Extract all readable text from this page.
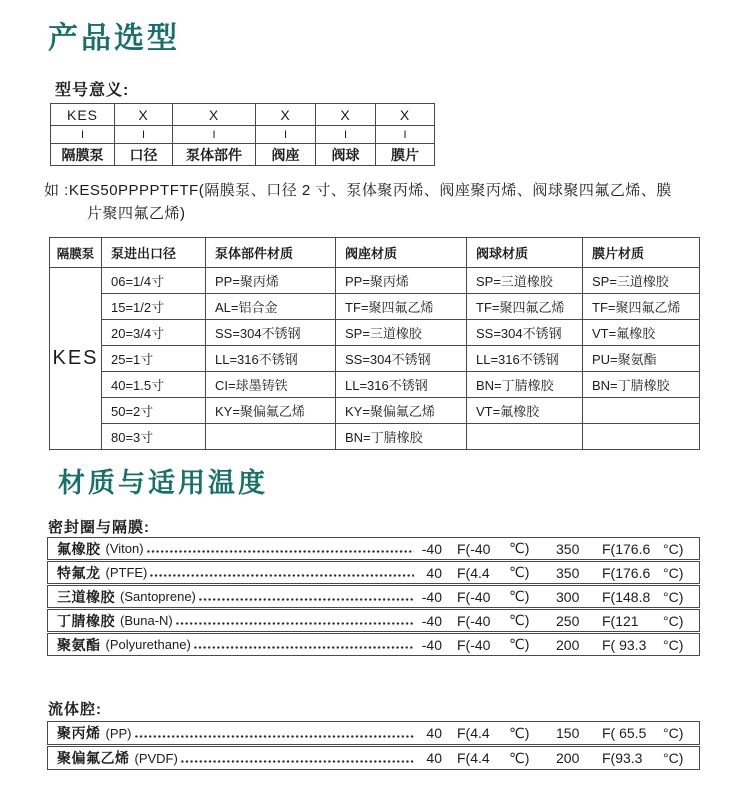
产品选型
型号意义:
KES	X	X	X	X	X
I	I	I	I	I	I
隔膜泵	口径	泵体部件	阀座	阀球	膜片
如 :KES50PPPPTFTF(隔膜泵、口径 2 寸、泵体聚丙烯、阀座聚丙烯、阀球聚四氟乙烯、膜
片聚四氟乙烯)
隔膜泵	泵进出口径	泵体部件材质	阀座材质	阀球材质	膜片材质
KES	06=1/4寸	PP=聚丙烯	PP=聚丙烯	SP=三道橡胶	SP=三道橡胶
	15=1/2寸	AL=铝合金	TF=聚四氟乙烯	TF=聚四氟乙烯	TF=聚四氟乙烯
	20=3/4寸	SS=304不锈钢	SP=三道橡胶	SS=304不锈钢	VT=氟橡胶
	25=1寸	LL=316不锈钢	SS=304不锈钢	LL=316不锈钢	PU=聚氨酯
	40=1.5寸	CI=球墨铸铁	LL=316不锈钢	BN=丁腈橡胶	BN=丁腈橡胶
	50=2寸	KY=聚偏氟乙烯	KY=聚偏氟乙烯	VT=氟橡胶	
	80=3寸		BN=丁腈橡胶		
材质与适用温度
密封圈与隔膜:
氟橡胶 (Viton)	-40 F(-40	℃)	350	F(176.6 °C)
特氟龙 (PTFE)	40 F(4.4	℃)	350	F(176.6 °C)
三道橡胶 (Santoprene)	-40 F(-40	℃)	300	F(148.8 °C)
丁腈橡胶 (Buna-N)	-40 F(-40	℃)	250	F(121	°C)
聚氨酯 (Polyurethane)	-40 F(-40	℃)	200	F( 93.3	°C)
流体腔:
聚丙烯 (PP)	40 F(4.4	℃)	150	F( 65.5	°C)
聚偏氟乙烯 (PVDF)	40 F(4.4	℃)	200	F(93.3	°C)
